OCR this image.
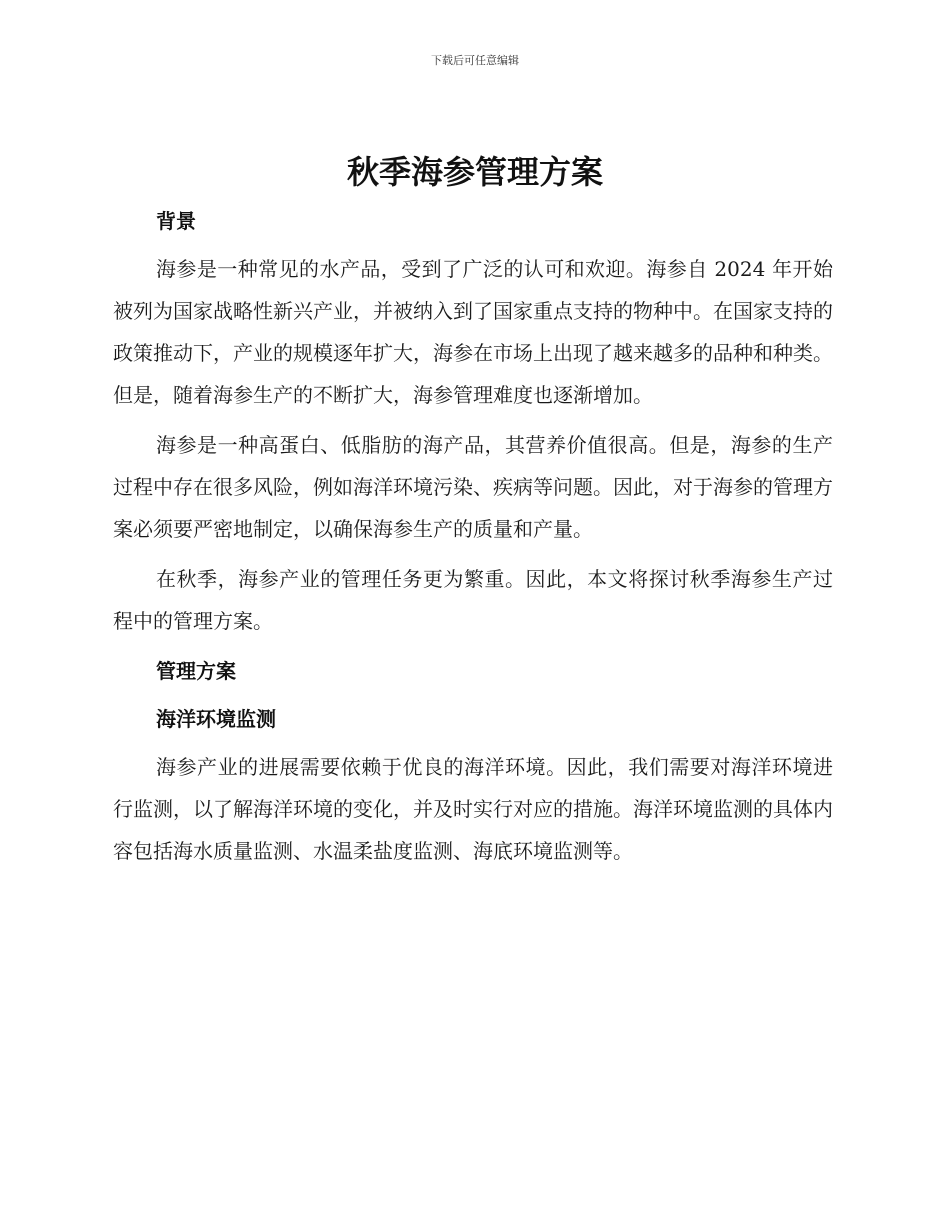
下载后可任意编辑
秋季海参管理方案
背景

海参是一种常见的水产品，受到了广泛的认可和欢迎。海参自 2024 年开始被列为国家战略性新兴产业，并被纳入到了国家重点支持的物种中。在国家支持的政策推动下，产业的规模逐年扩大，海参在市场上出现了越来越多的品种和种类。但是，随着海参生产的不断扩大，海参管理难度也逐渐增加。

海参是一种高蛋白、低脂肪的海产品，其营养价值很高。但是，海参的生产过程中存在很多风险，例如海洋环境污染、疾病等问题。因此，对于海参的管理方案必须要严密地制定，以确保海参生产的质量和产量。

在秋季，海参产业的管理任务更为繁重。因此，本文将探讨秋季海参生产过程中的管理方案。

管理方案
海洋环境监测

海参产业的进展需要依赖于优良的海洋环境。因此，我们需要对海洋环境进行监测，以了解海洋环境的变化，并及时实行对应的措施。海洋环境监测的具体内容包括海水质量监测、水温柔盐度监测、海底环境监测等。
